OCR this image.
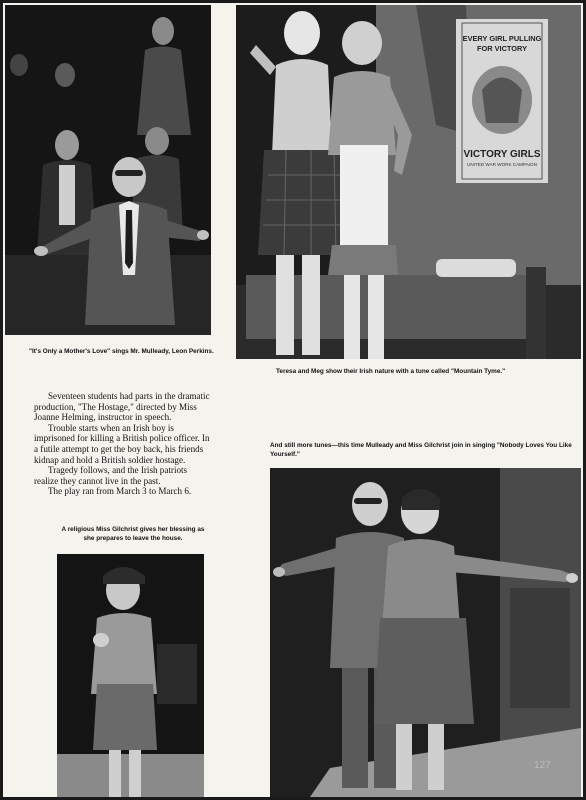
"It's Only a Mother's Love" sings Mr. Mulleady, Leon Perkins.
EVERY GIRL PULLING
FOR VICTORY
VICTORY GIRLS
UNITED WAR WORK CAMPAIGN
Teresa and Meg show their Irish nature with a tune called "Mountain Tyme."

Seventeen students had parts in the dramatic production, "The Hostage," directed by Miss Joanne Helming, instructor in speech.

Trouble starts when an Irish boy is imprisoned for killing a British police officer. In a futile attempt to get the boy back, his friends kidnap and hold a British soldier hostage.

Tragedy follows, and the Irish patriots realize they cannot live in the past.

The play ran from March 3 to March 6.

And still more tunes—this time Mulleady and Miss Gilchrist join in singing "Nobody Loves You Like Yourself."
127
A religious Miss Gilchrist gives her blessing as she prepares to leave the house.
